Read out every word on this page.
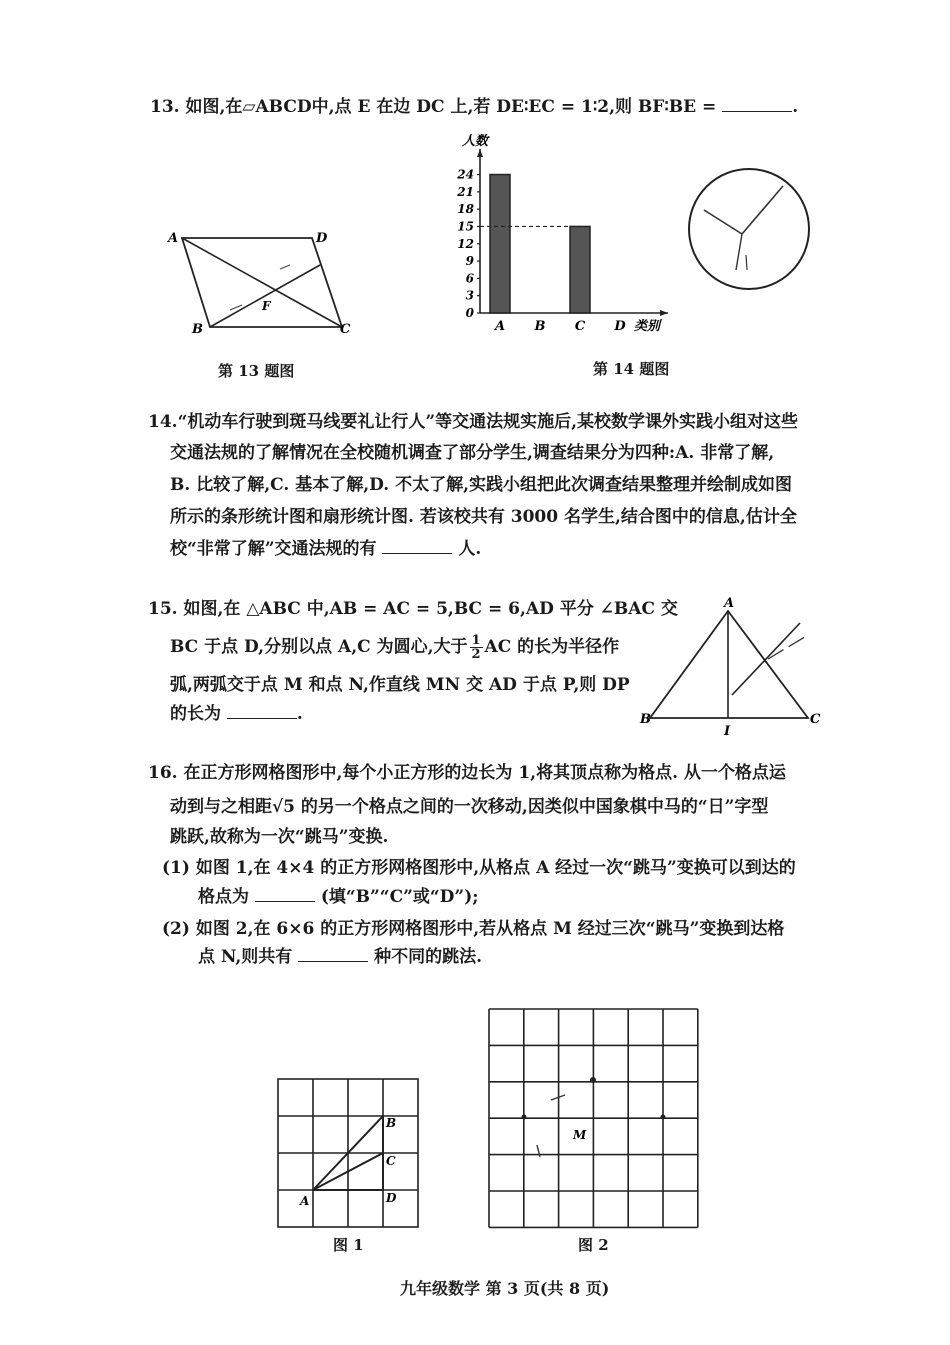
13. 如图,在▱ABCD中,点 E 在边 DC 上,若 DE∶EC = 1∶2,则 BF∶BE =	.
A	D
B	C
F
第 13 题图
0
3
6
9
12
15
18
21
24
人数
A B C D 类别
第 14 题图
14.“机动车行驶到斑马线要礼让行人”等交通法规实施后,某校数学课外实践小组对这些
交通法规的了解情况在全校随机调查了部分学生,调查结果分为四种:A. 非常了解,
B. 比较了解,C. 基本了解,D. 不太了解,实践小组把此次调查结果整理并绘制成如图
所示的条形统计图和扇形统计图. 若该校共有 3000 名学生,结合图中的信息,估计全
校“非常了解”交通法规的有	人.
15. 如图,在 △ABC 中,AB = AC = 5,BC = 6,AD 平分 ∠BAC 交
BC 于点 D,分别以点 A,C 为圆心,大于 $\frac{1}{2}$ AC 的长为半径作
弧,两弧交于点 M 和点 N,作直线 MN 交 AD 于点 P,则 DP
的长为	.
A
B	C
I
16. 在正方形网格图形中,每个小正方形的边长为 1,将其顶点称为格点. 从一个格点运
动到与之相距√5 的另一个格点之间的一次移动,因类似中国象棋中马的“日”字型
跳跃,故称为一次“跳马”变换.
(1) 如图 1,在 4×4 的正方形网格图形中,从格点 A 经过一次“跳马”变换可以到达的
格点为	(填“B”“C”或“D”);
(2) 如图 2,在 6×6 的正方形网格图形中,若从格点 M 经过三次“跳马”变换到达格
点 N,则共有	种不同的跳法.
A
B
C
D
图 1
M
图 2
九年级数学 第 3 页(共 8 页)
